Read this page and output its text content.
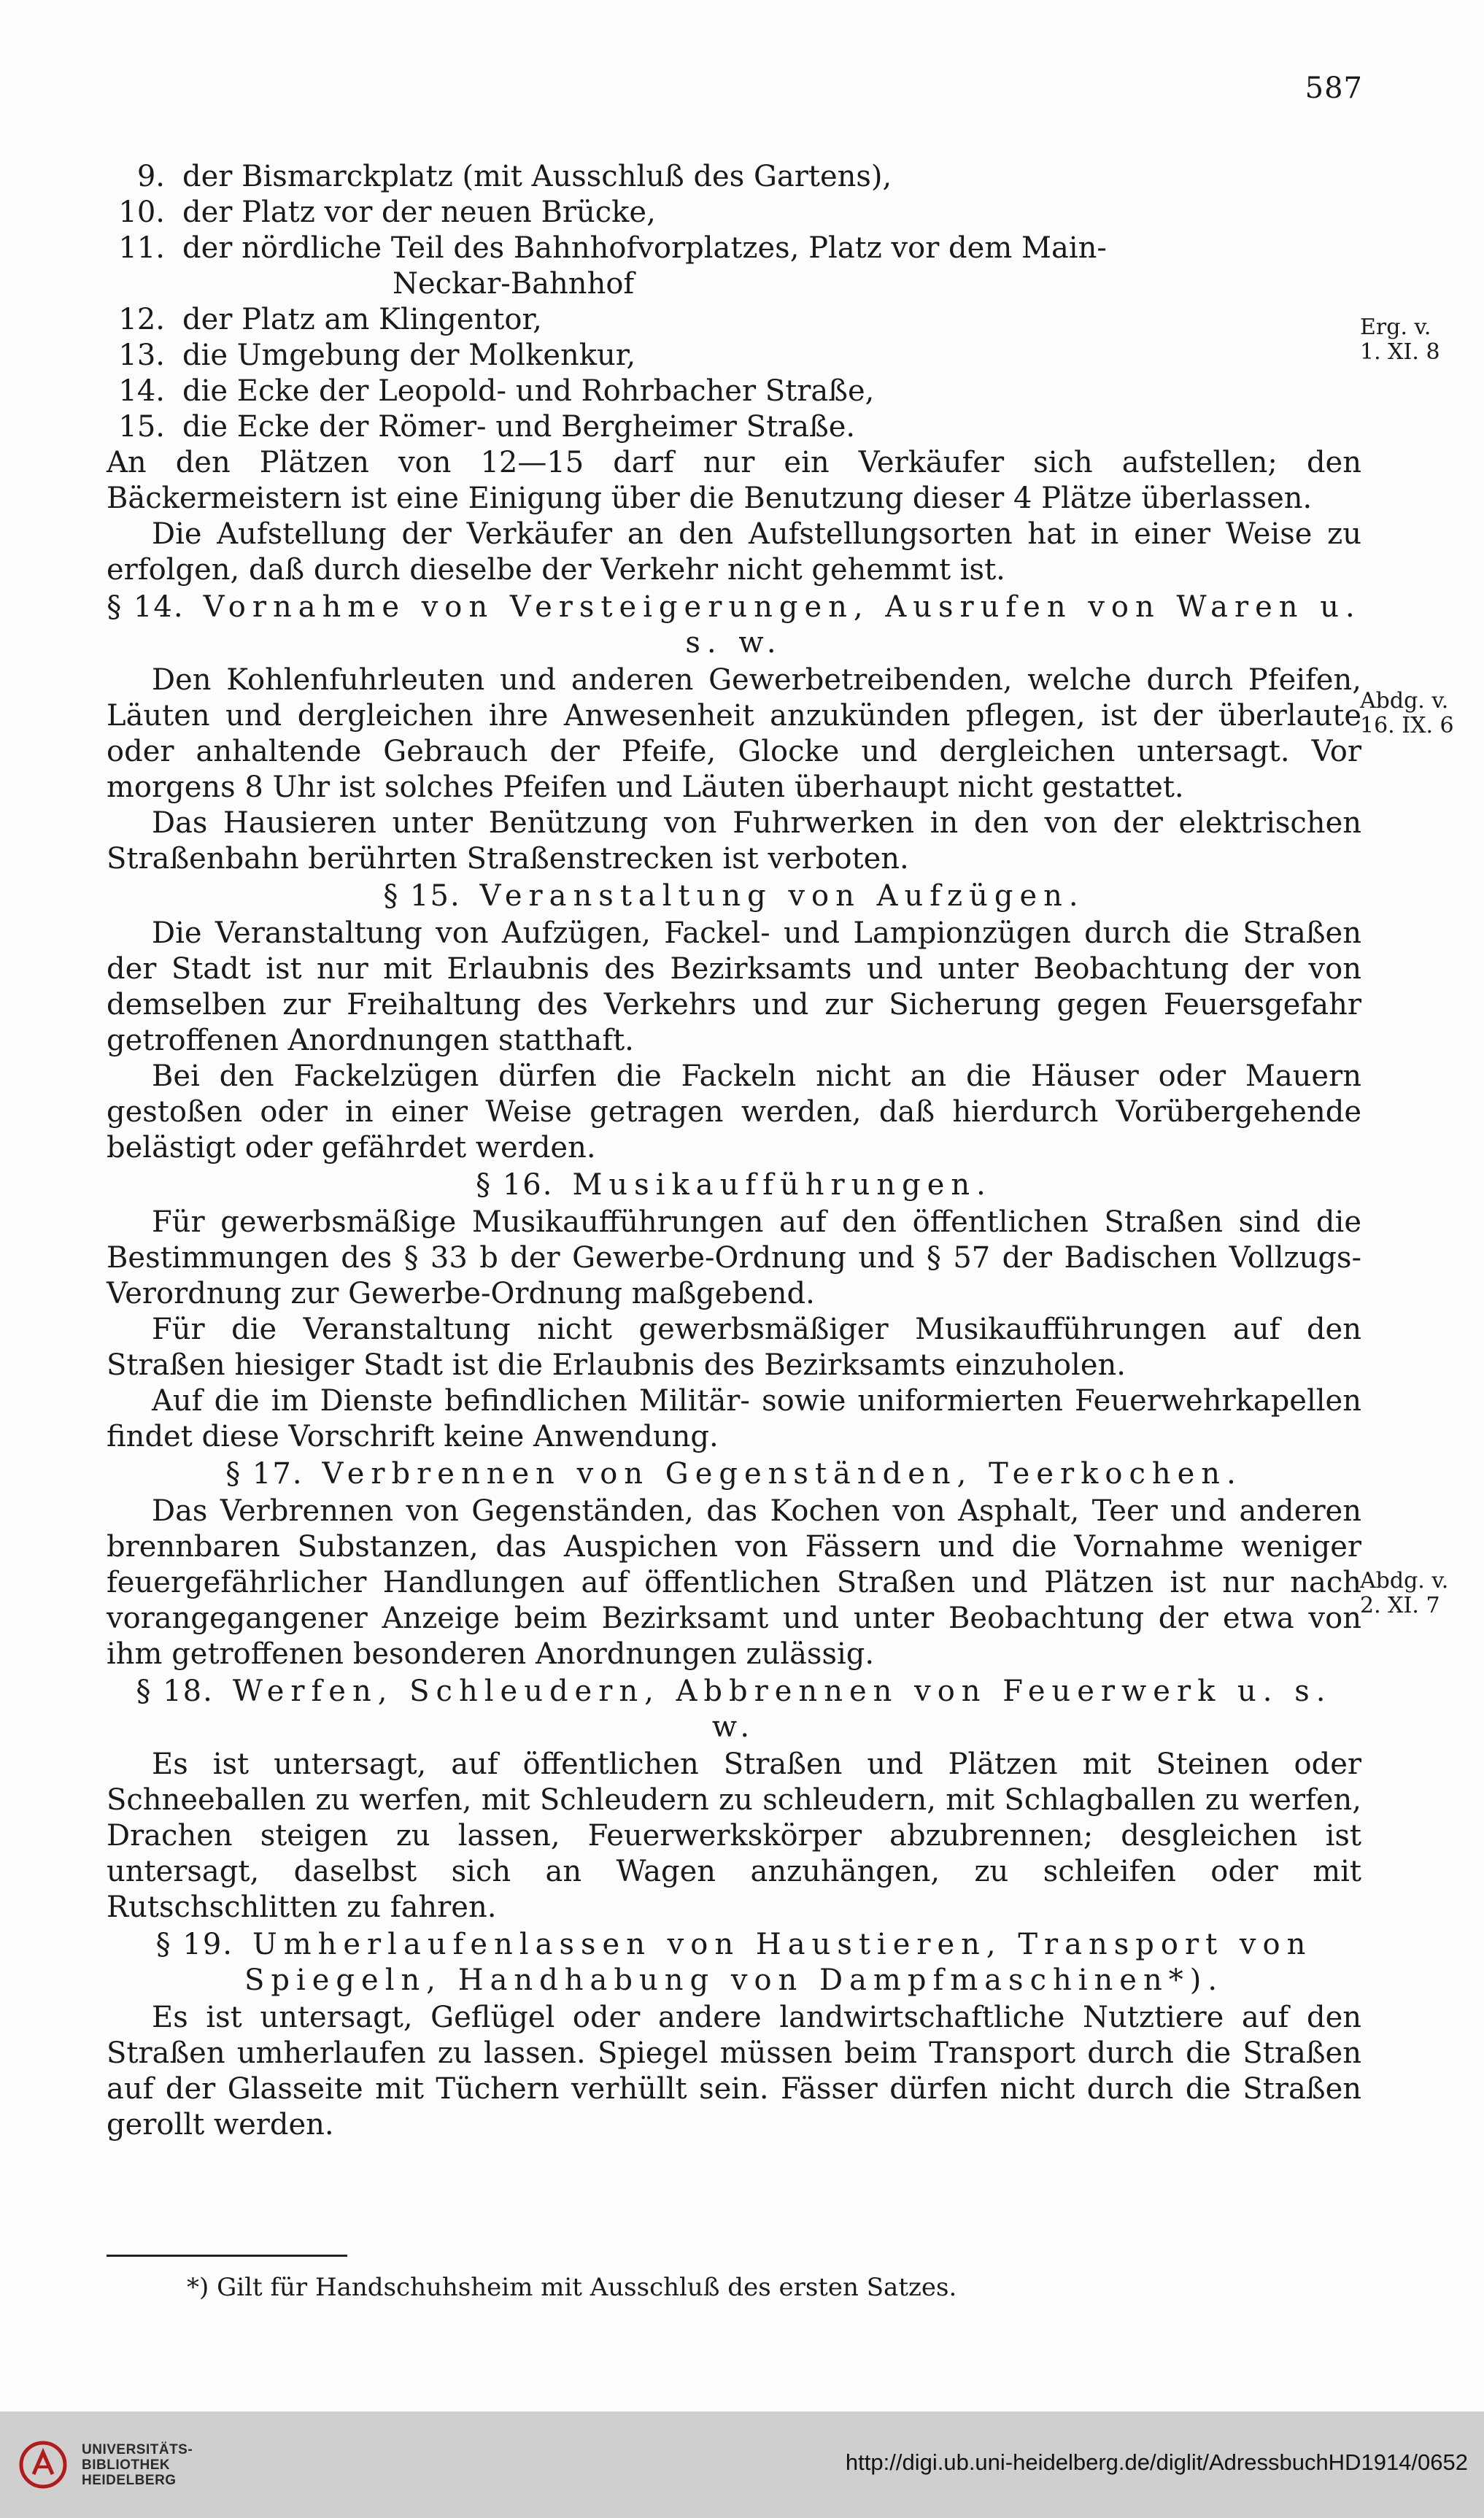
587
9. der Bismarckplatz (mit Ausschluß des Gartens),
10. der Platz vor der neuen Brücke,
11. der nördliche Teil des Bahnhofvorplatzes, Platz vor dem Main-
Neckar-Bahnhof
12. der Platz am Klingentor,
13. die Umgebung der Molkenkur,
14. die Ecke der Leopold- und Rohrbacher Straße,
15. die Ecke der Römer- und Bergheimer Straße.
An den Plätzen von 12—15 darf nur ein Verkäufer sich aufstellen; den Bäckermeistern ist eine Einigung über die Benutzung dieser 4 Plätze überlassen.
Die Aufstellung der Verkäufer an den Aufstellungsorten hat in einer Weise zu erfolgen, daß durch dieselbe der Verkehr nicht gehemmt ist.
§ 14. Vornahme von Versteigerungen, Ausrufen von Waren u. s. w.
Den Kohlenfuhrleuten und anderen Gewerbetreibenden, welche durch Pfeifen, Läuten und dergleichen ihre Anwesenheit anzukünden pflegen, ist der überlaute oder anhaltende Gebrauch der Pfeife, Glocke und dergleichen untersagt. Vor morgens 8 Uhr ist solches Pfeifen und Läuten überhaupt nicht gestattet.
Das Hausieren unter Benützung von Fuhrwerken in den von der elektrischen Straßenbahn berührten Straßenstrecken ist verboten.
§ 15. Veranstaltung von Aufzügen.
Die Veranstaltung von Aufzügen, Fackel- und Lampionzügen durch die Straßen der Stadt ist nur mit Erlaubnis des Bezirksamts und unter Beobachtung der von demselben zur Freihaltung des Verkehrs und zur Sicherung gegen Feuersgefahr getroffenen Anordnungen statthaft.
Bei den Fackelzügen dürfen die Fackeln nicht an die Häuser oder Mauern gestoßen oder in einer Weise getragen werden, daß hierdurch Vorübergehende belästigt oder gefährdet werden.
§ 16. Musikaufführungen.
Für gewerbsmäßige Musikaufführungen auf den öffentlichen Straßen sind die Bestimmungen des § 33 b der Gewerbe-Ordnung und § 57 der Badischen Vollzugs-Verordnung zur Gewerbe-Ordnung maßgebend.
Für die Veranstaltung nicht gewerbsmäßiger Musikaufführungen auf den Straßen hiesiger Stadt ist die Erlaubnis des Bezirksamts einzuholen.
Auf die im Dienste befindlichen Militär- sowie uniformierten Feuerwehrkapellen findet diese Vorschrift keine Anwendung.
§ 17. Verbrennen von Gegenständen, Teerkochen.
Das Verbrennen von Gegenständen, das Kochen von Asphalt, Teer und anderen brennbaren Substanzen, das Auspichen von Fässern und die Vornahme weniger feuergefährlicher Handlungen auf öffentlichen Straßen und Plätzen ist nur nach vorangegangener Anzeige beim Bezirksamt und unter Beobachtung der etwa von ihm getroffenen besonderen Anordnungen zulässig.
§ 18. Werfen, Schleudern, Abbrennen von Feuerwerk u. s. w.
Es ist untersagt, auf öffentlichen Straßen und Plätzen mit Steinen oder Schneeballen zu werfen, mit Schleudern zu schleudern, mit Schlagballen zu werfen, Drachen steigen zu lassen, Feuerwerkskörper abzubrennen; desgleichen ist untersagt, daselbst sich an Wagen anzuhängen, zu schleifen oder mit Rutschschlitten zu fahren.
§ 19. Umherlaufenlassen von Haustieren, Transport von Spiegeln, Handhabung von Dampfmaschinen*).
Es ist untersagt, Geflügel oder andere landwirtschaftliche Nutztiere auf den Straßen umherlaufen zu lassen. Spiegel müssen beim Transport durch die Straßen auf der Glasseite mit Tüchern verhüllt sein. Fässer dürfen nicht durch die Straßen gerollt werden.
Erg. v.
1. XI. 8
Abdg. v.
16. IX. 6
Abdg. v.
2. XI. 7
*) Gilt für Handschuhsheim mit Ausschluß des ersten Satzes.
UNIVERSITÄTS-
BIBLIOTHEK
HEIDELBERG
http://digi.ub.uni-heidelberg.de/diglit/AdressbuchHD1914/0652
